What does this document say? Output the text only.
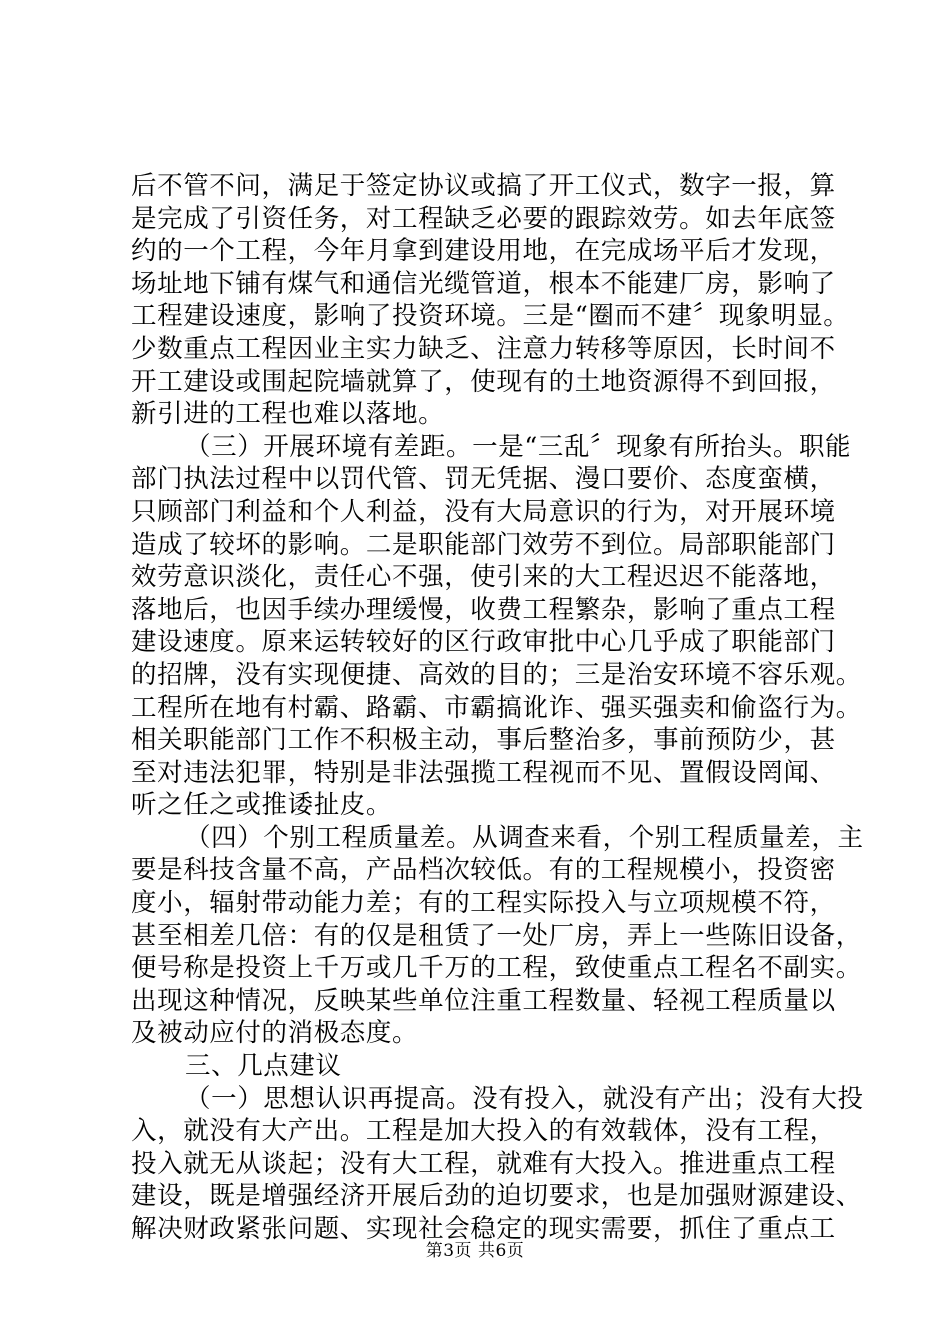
后不管不问，满足于签定协议或搞了开工仪式，数字一报，算
是完成了引资任务，对工程缺乏必要的跟踪效劳。如去年底签
约的一个工程，今年月拿到建设用地，在完成场平后才发现，
场址地下铺有煤气和通信光缆管道，根本不能建厂房，影响了
工程建设速度，影响了投资环境。三是“圈而不建〞现象明显。
少数重点工程因业主实力缺乏、注意力转移等原因，长时间不
开工建设或围起院墙就算了，使现有的土地资源得不到回报，
新引进的工程也难以落地。
（三）开展环境有差距。一是“三乱〞现象有所抬头。职能
部门执法过程中以罚代管、罚无凭据、漫口要价、态度蛮横，
只顾部门利益和个人利益，没有大局意识的行为，对开展环境
造成了较坏的影响。二是职能部门效劳不到位。局部职能部门
效劳意识淡化，责任心不强，使引来的大工程迟迟不能落地，
落地后，也因手续办理缓慢，收费工程繁杂，影响了重点工程
建设速度。原来运转较好的区行政审批中心几乎成了职能部门
的招牌，没有实现便捷、高效的目的；三是治安环境不容乐观。
工程所在地有村霸、路霸、市霸搞讹诈、强买强卖和偷盗行为。
相关职能部门工作不积极主动，事后整治多，事前预防少，甚
至对违法犯罪，特别是非法强揽工程视而不见、置假设罔闻、
听之任之或推诿扯皮。
（四）个别工程质量差。从调查来看，个别工程质量差，主
要是科技含量不高，产品档次较低。有的工程规模小，投资密
度小，辐射带动能力差；有的工程实际投入与立项规模不符，
甚至相差几倍：有的仅是租赁了一处厂房，弄上一些陈旧设备，
便号称是投资上千万或几千万的工程，致使重点工程名不副实。
出现这种情况，反映某些单位注重工程数量、轻视工程质量以
及被动应付的消极态度。
三、几点建议
（一）思想认识再提高。没有投入，就没有产出；没有大投
入，就没有大产出。工程是加大投入的有效载体，没有工程，
投入就无从谈起；没有大工程，就难有大投入。推进重点工程
建设，既是增强经济开展后劲的迫切要求，也是加强财源建设、
解决财政紧张问题、实现社会稳定的现实需要，抓住了重点工
第3页 共6页
